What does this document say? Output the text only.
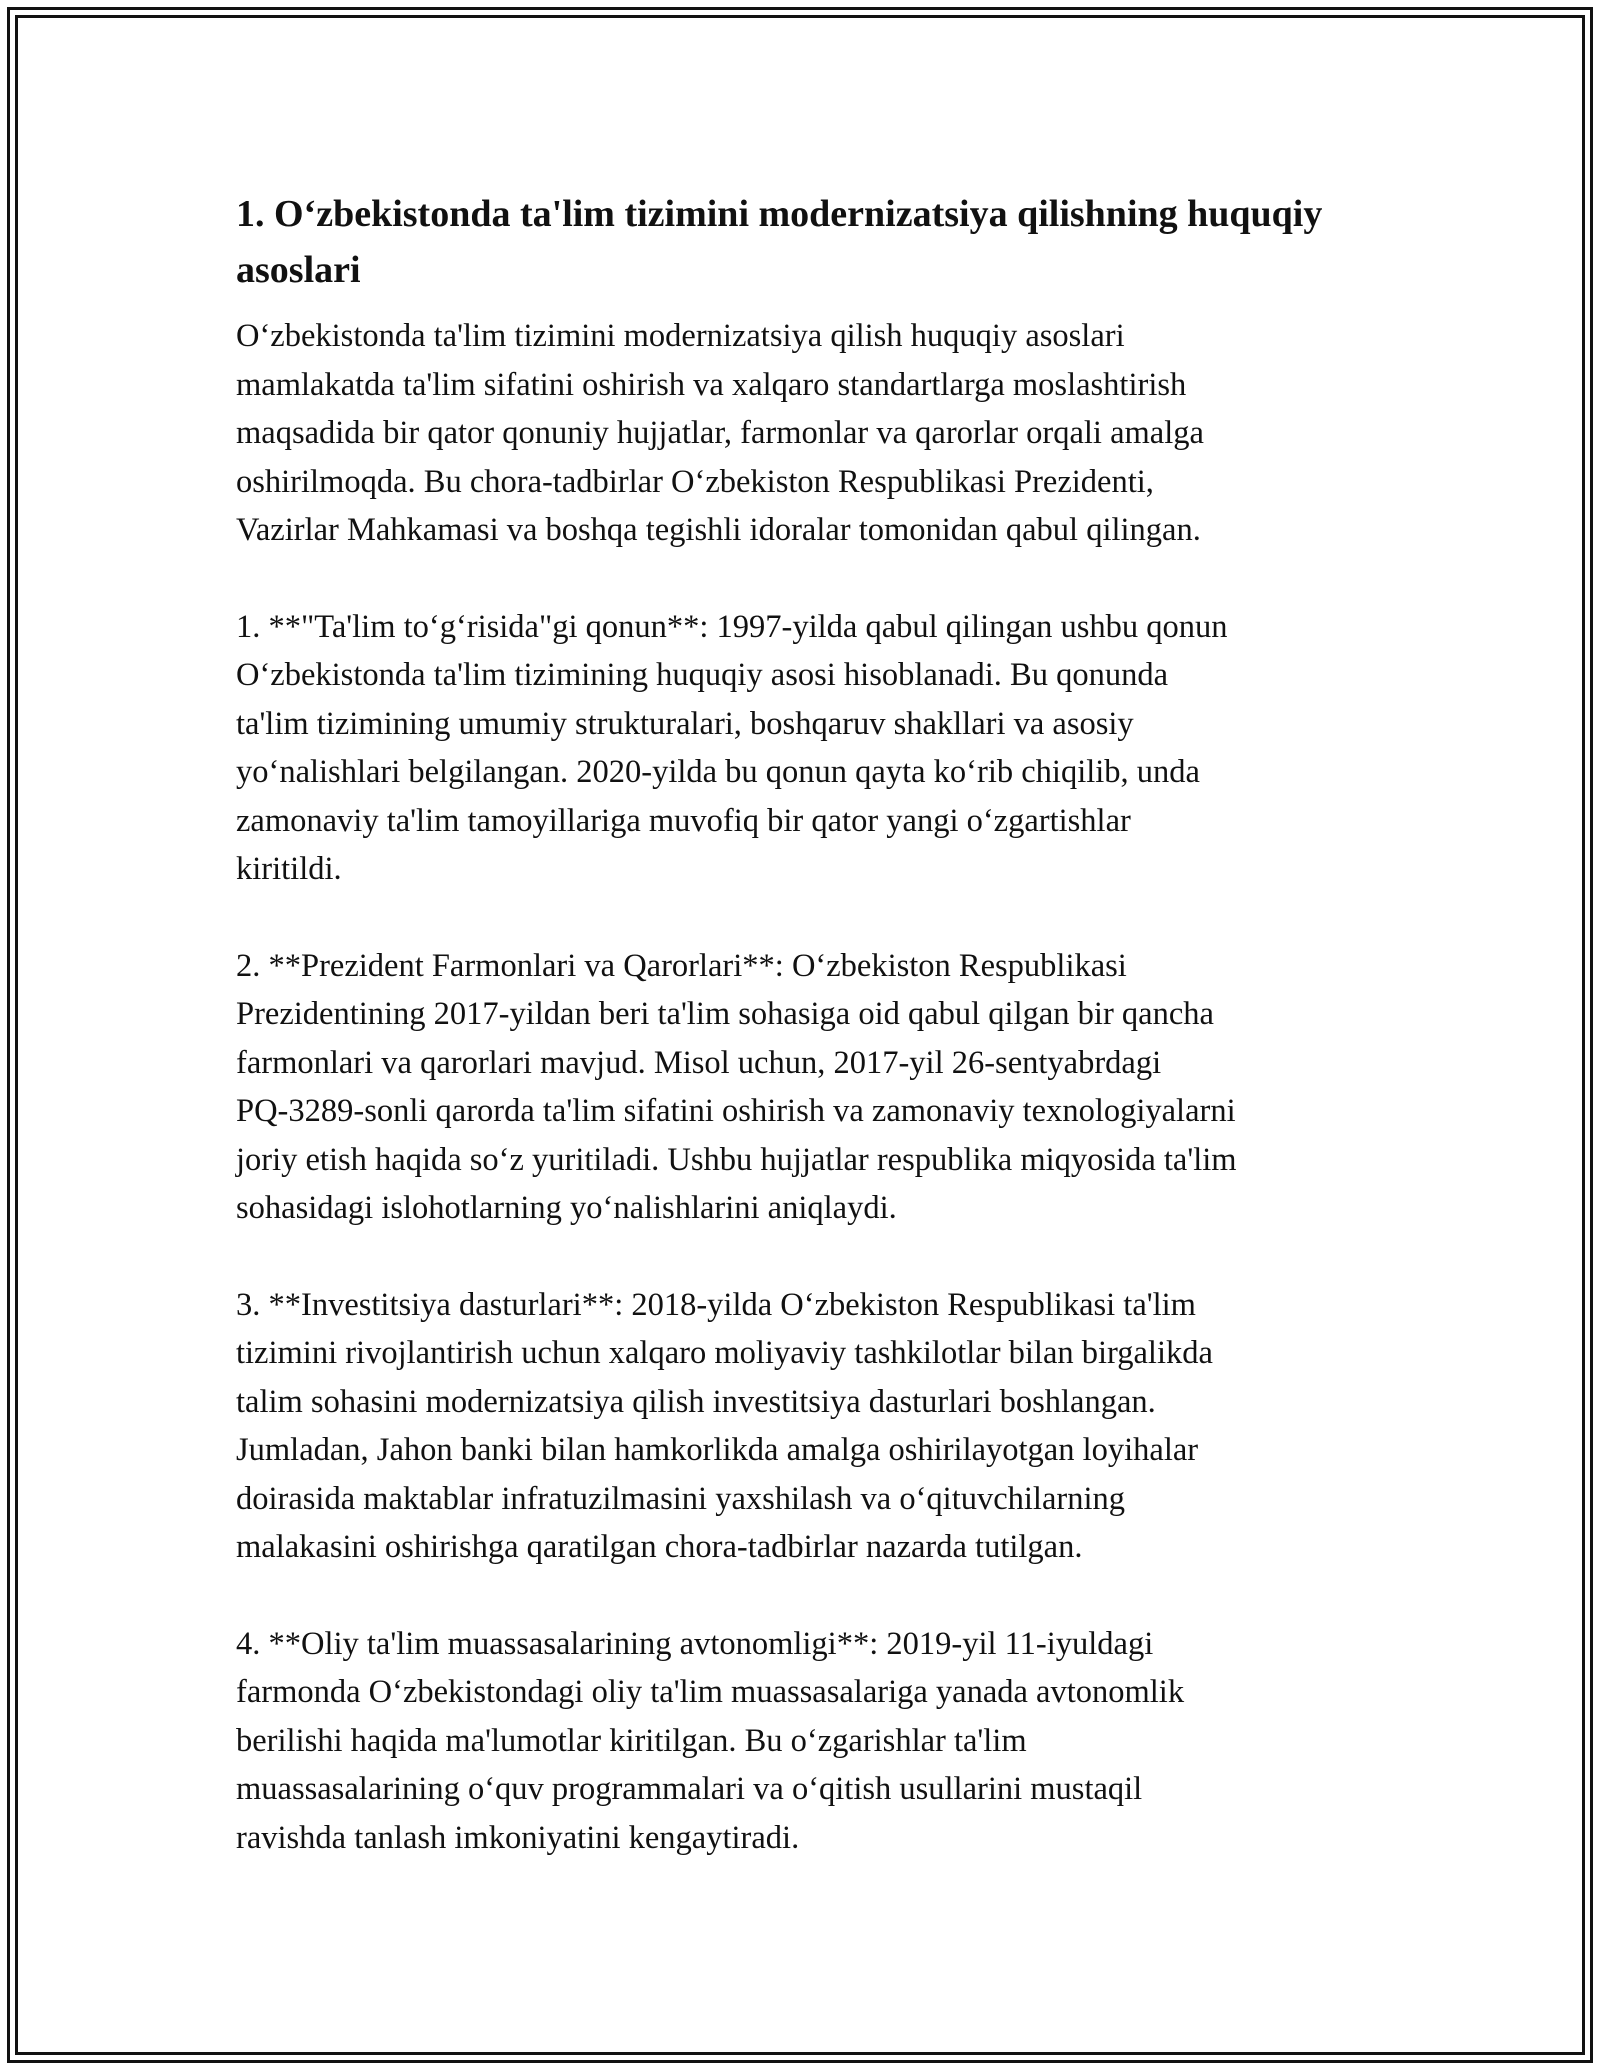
1. O‘zbekistonda ta'lim tizimini modernizatsiya qilishning huquqiy asoslari

O‘zbekistonda ta'lim tizimini modernizatsiya qilish huquqiy asoslari
mamlakatda ta'lim sifatini oshirish va xalqaro standartlarga moslashtirish
maqsadida bir qator qonuniy hujjatlar, farmonlar va qarorlar orqali amalga
oshirilmoqda. Bu chora-tadbirlar O‘zbekiston Respublikasi Prezidenti,
Vazirlar Mahkamasi va boshqa tegishli idoralar tomonidan qabul qilingan.

1. **"Ta'lim to‘g‘risida"gi qonun**: 1997-yilda qabul qilingan ushbu qonun
O‘zbekistonda ta'lim tizimining huquqiy asosi hisoblanadi. Bu qonunda
ta'lim tizimining umumiy strukturalari, boshqaruv shakllari va asosiy
yo‘nalishlari belgilangan. 2020-yilda bu qonun qayta ko‘rib chiqilib, unda
zamonaviy ta'lim tamoyillariga muvofiq bir qator yangi o‘zgartishlar
kiritildi.

2. **Prezident Farmonlari va Qarorlari**: O‘zbekiston Respublikasi
Prezidentining 2017-yildan beri ta'lim sohasiga oid qabul qilgan bir qancha
farmonlari va qarorlari mavjud. Misol uchun, 2017-yil 26-sentyabrdagi
PQ-3289-sonli qarorda ta'lim sifatini oshirish va zamonaviy texnologiyalarni
joriy etish haqida so‘z yuritiladi. Ushbu hujjatlar respublika miqyosida ta'lim
sohasidagi islohotlarning yo‘nalishlarini aniqlaydi.

3. **Investitsiya dasturlari**: 2018-yilda O‘zbekiston Respublikasi ta'lim
tizimini rivojlantirish uchun xalqaro moliyaviy tashkilotlar bilan birgalikda
talim sohasini modernizatsiya qilish investitsiya dasturlari boshlangan.
Jumladan, Jahon banki bilan hamkorlikda amalga oshirilayotgan loyihalar
doirasida maktablar infratuzilmasini yaxshilash va o‘qituvchilarning
malakasini oshirishga qaratilgan chora-tadbirlar nazarda tutilgan.

4. **Oliy ta'lim muassasalarining avtonomligi**: 2019-yil 11-iyuldagi
farmonda O‘zbekistondagi oliy ta'lim muassasalariga yanada avtonomlik
berilishi haqida ma'lumotlar kiritilgan. Bu o‘zgarishlar ta'lim
muassasalarining o‘quv programmalari va o‘qitish usullarini mustaqil
ravishda tanlash imkoniyatini kengaytiradi.
